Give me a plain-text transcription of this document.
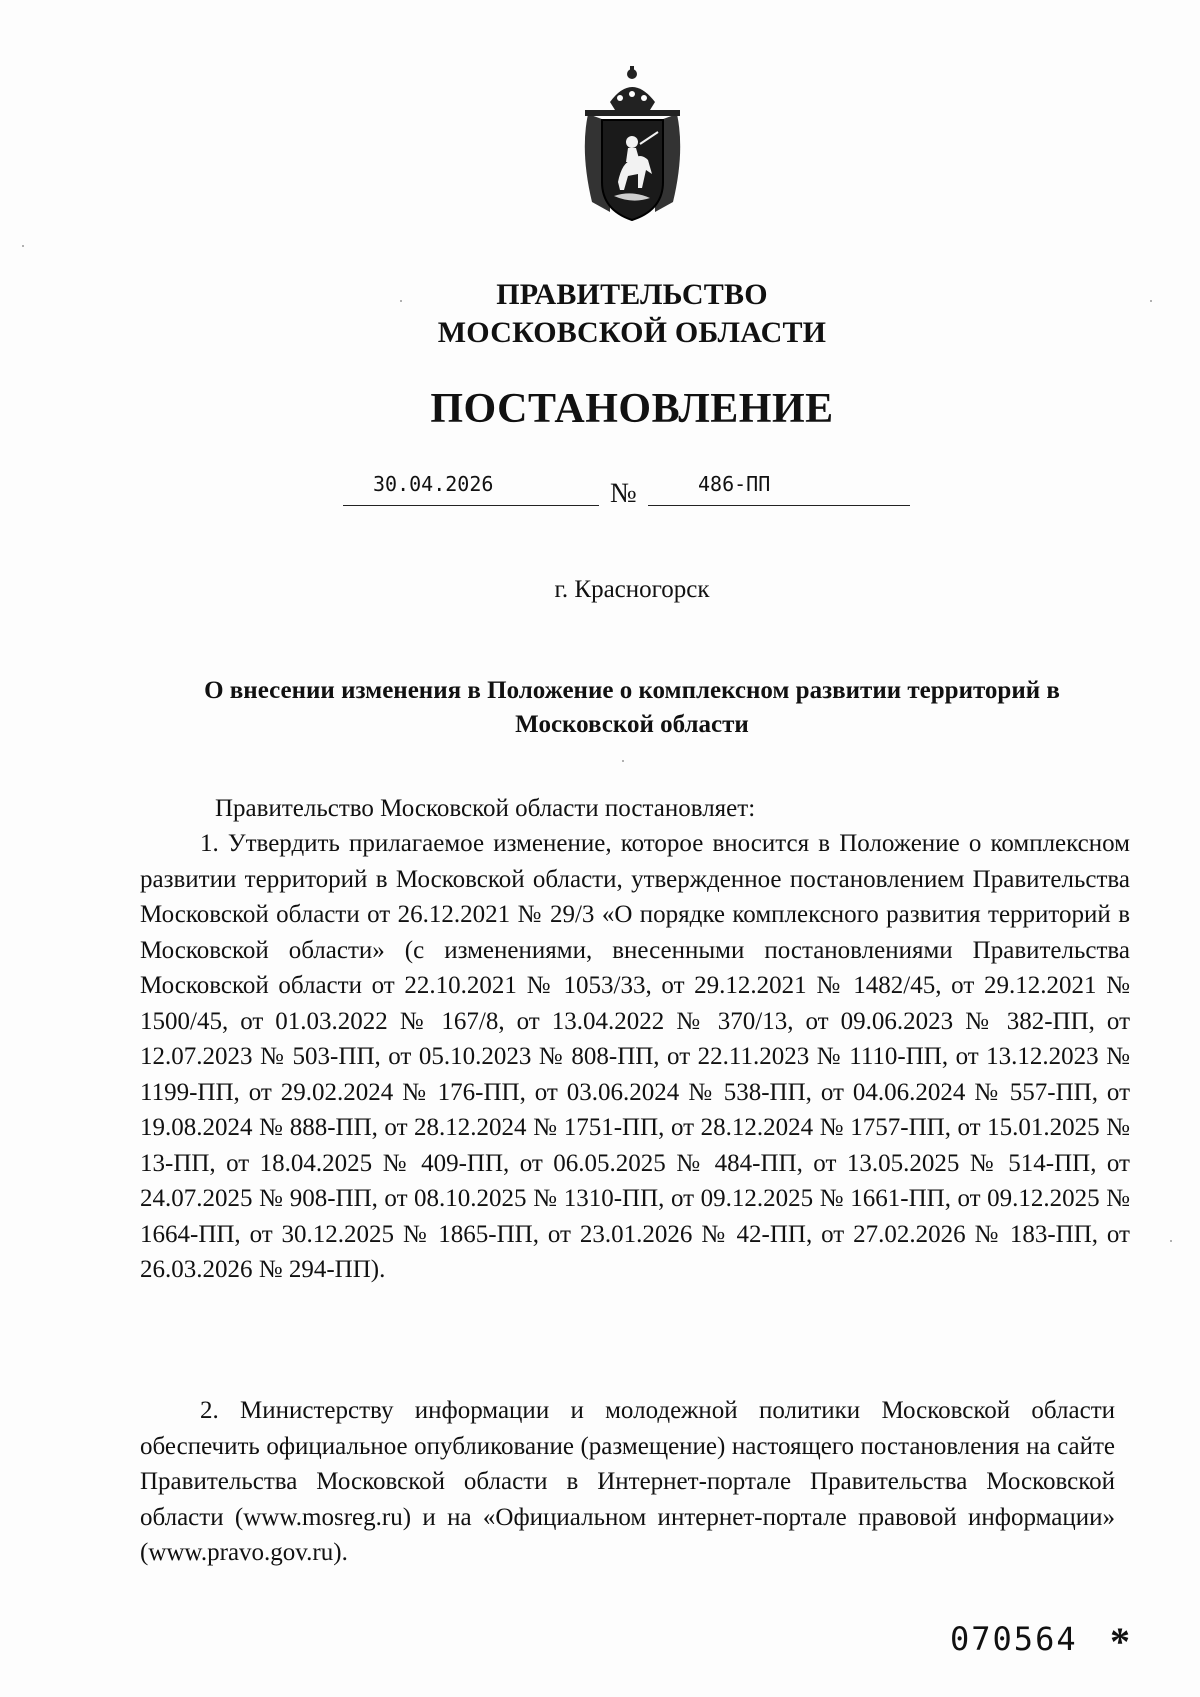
ПРАВИТЕЛЬСТВО
МОСКОВСКОЙ ОБЛАСТИ
ПОСТАНОВЛЕНИЕ
30.04.2026	№	486-ПП
г. Красногорск
О внесении изменения в Положение о комплексном развитии территорий в Московской области
Правительство Московской области постановляет:

1. Утвердить прилагаемое изменение, которое вносится в Положение о комплексном развитии территорий в Московской области, утвержденное постановлением Правительства Московской области от 26.12.2021 № 29/3 «О порядке комплексного развития территорий в Московской области» (с изменениями, внесенными постановлениями Правительства Московской области от 22.10.2021 № 1053/33, от 29.12.2021 № 1482/45, от 29.12.2021 № 1500/45, от 01.03.2022 № 167/8, от 13.04.2022 № 370/13, от 09.06.2023 № 382-ПП, от 12.07.2023 № 503-ПП, от 05.10.2023 № 808-ПП, от 22.11.2023 № 1110-ПП, от 13.12.2023 № 1199-ПП, от 29.02.2024 № 176-ПП, от 03.06.2024 № 538-ПП, от 04.06.2024 № 557-ПП, от 19.08.2024 № 888-ПП, от 28.12.2024 № 1751-ПП, от 28.12.2024 № 1757-ПП, от 15.01.2025 № 13-ПП, от 18.04.2025 № 409-ПП, от 06.05.2025 № 484-ПП, от 13.05.2025 № 514-ПП, от 24.07.2025 № 908-ПП, от 08.10.2025 № 1310-ПП, от 09.12.2025 № 1661-ПП, от 09.12.2025 № 1664-ПП, от 30.12.2025 № 1865-ПП, от 23.01.2026 № 42-ПП, от 27.02.2026 № 183-ПП, от 26.03.2026 № 294-ПП).

2. Министерству информации и молодежной политики Московской области обеспечить официальное опубликование (размещение) настоящего постановления на сайте Правительства Московской области в Интернет-портале Правительства Московской области (www.mosreg.ru) и на «Официальном интернет-портале правовой информации» (www.pravo.gov.ru).

070564 *
